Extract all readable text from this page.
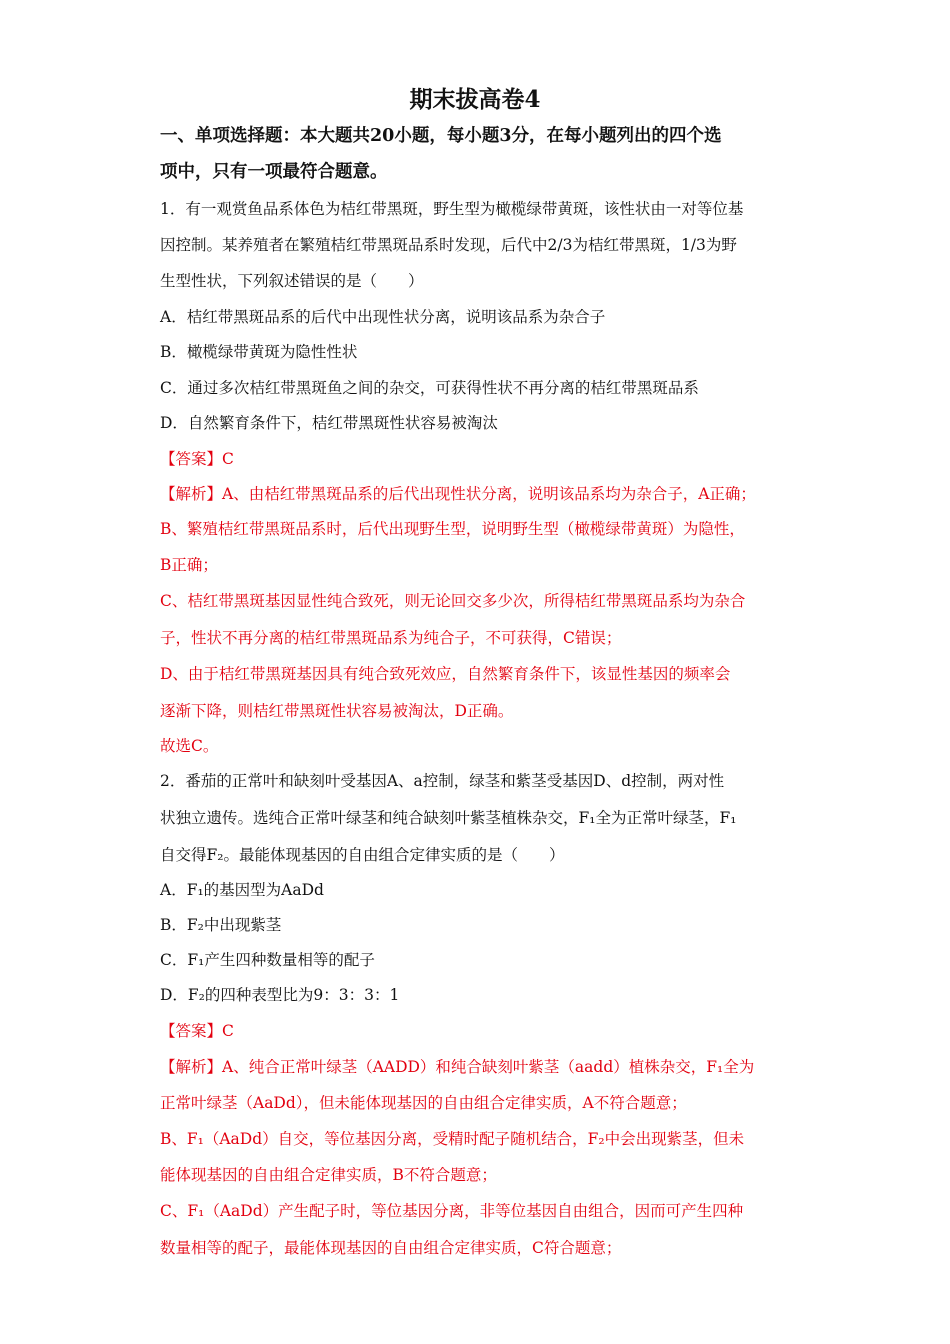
期末拔高卷4
一、单项选择题：本大题共20小题，每小题3分，在每小题列出的四个选
项中，只有一项最符合题意。
1．有一观赏鱼品系体色为桔红带黑斑，野生型为橄榄绿带黄斑，该性状由一对等位基
因控制。某养殖者在繁殖桔红带黑斑品系时发现，后代中2/3为桔红带黑斑，1/3为野
生型性状，下列叙述错误的是（　　）
A．桔红带黑斑品系的后代中出现性状分离，说明该品系为杂合子
B．橄榄绿带黄斑为隐性性状
C．通过多次桔红带黑斑鱼之间的杂交，可获得性状不再分离的桔红带黑斑品系
D．自然繁育条件下，桔红带黑斑性状容易被淘汰
【答案】C
【解析】A、由桔红带黑斑品系的后代出现性状分离，说明该品系均为杂合子，A正确；
B、繁殖桔红带黑斑品系时，后代出现野生型，说明野生型（橄榄绿带黄斑）为隐性，
B正确；
C、桔红带黑斑基因显性纯合致死，则无论回交多少次，所得桔红带黑斑品系均为杂合
子，性状不再分离的桔红带黑斑品系为纯合子，不可获得，C错误；
D、由于桔红带黑斑基因具有纯合致死效应，自然繁育条件下，该显性基因的频率会
逐渐下降，则桔红带黑斑性状容易被淘汰，D正确。
故选C。
2．番茄的正常叶和缺刻叶受基因A、a控制，绿茎和紫茎受基因D、d控制，两对性
状独立遗传。选纯合正常叶绿茎和纯合缺刻叶紫茎植株杂交，F₁全为正常叶绿茎，F₁
自交得F₂。最能体现基因的自由组合定律实质的是（　　）
A．F₁的基因型为AaDd
B．F₂中出现紫茎
C．F₁产生四种数量相等的配子
D．F₂的四种表型比为9：3：3：1
【答案】C
【解析】A、纯合正常叶绿茎（AADD）和纯合缺刻叶紫茎（aadd）植株杂交，F₁全为
正常叶绿茎（AaDd），但未能体现基因的自由组合定律实质，A不符合题意；
B、F₁（AaDd）自交，等位基因分离，受精时配子随机结合，F₂中会出现紫茎，但未
能体现基因的自由组合定律实质，B不符合题意；
C、F₁（AaDd）产生配子时，等位基因分离，非等位基因自由组合，因而可产生四种
数量相等的配子，最能体现基因的自由组合定律实质，C符合题意；
